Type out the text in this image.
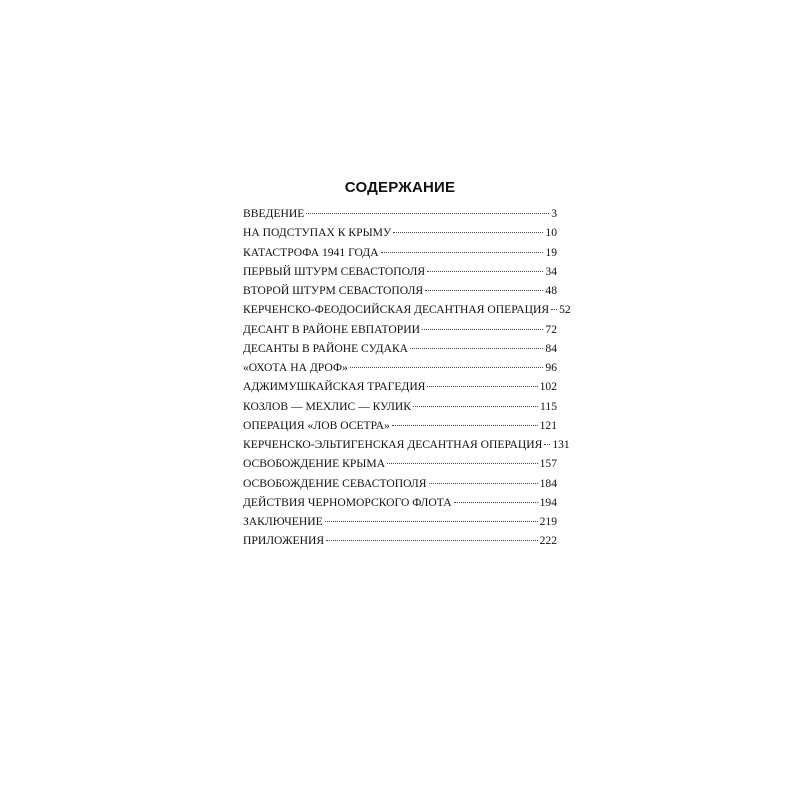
СОДЕРЖАНИЕ
ВВЕДЕНИЕ	3
НА ПОДСТУПАХ К КРЫМУ	10
КАТАСТРОФА 1941 ГОДА	19
ПЕРВЫЙ ШТУРМ СЕВАСТОПОЛЯ	34
ВТОРОЙ ШТУРМ СЕВАСТОПОЛЯ	48
КЕРЧЕНСКО-ФЕОДОСИЙСКАЯ ДЕСАНТНАЯ ОПЕРАЦИЯ 52
ДЕСАНТ В РАЙОНЕ ЕВПАТОРИИ	72
ДЕСАНТЫ В РАЙОНЕ СУДАКА	84
«ОХОТА НА ДРОФ»	96
АДЖИМУШКАЙСКАЯ ТРАГЕДИЯ	102
КОЗЛОВ — МЕХЛИС — КУЛИК	115
ОПЕРАЦИЯ «ЛОВ ОСЕТРА»	121
КЕРЧЕНСКО-ЭЛЬТИГЕНСКАЯ ДЕСАНТНАЯ ОПЕРАЦИЯ 131
ОСВОБОЖДЕНИЕ КРЫМА	157
ОСВОБОЖДЕНИЕ СЕВАСТОПОЛЯ	184
ДЕЙСТВИЯ ЧЕРНОМОРСКОГО ФЛОТА	194
ЗАКЛЮЧЕНИЕ	219
ПРИЛОЖЕНИЯ	222
